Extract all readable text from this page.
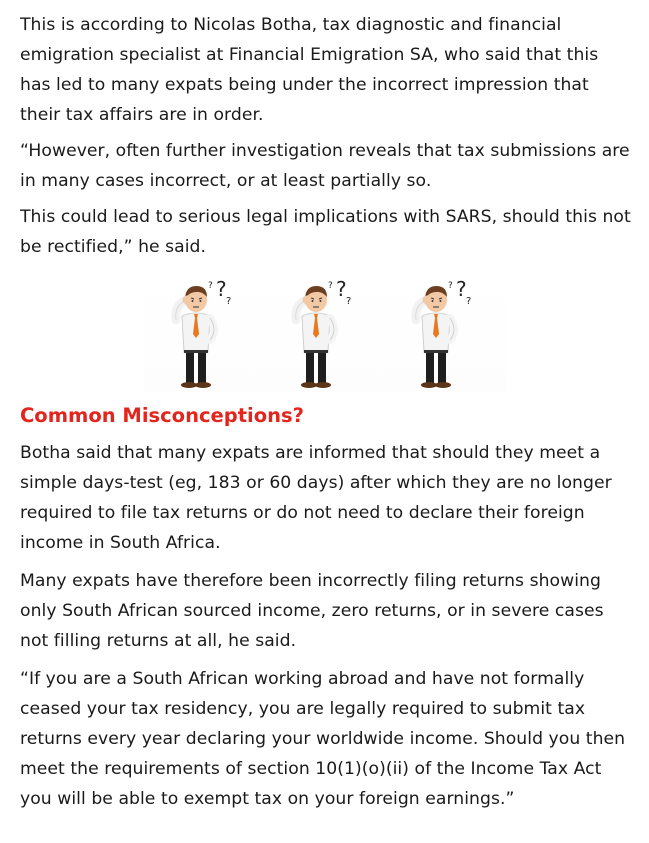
This is according to Nicolas Botha, tax diagnostic and financial emigration specialist at Financial Emigration SA, who said that this has led to many expats being under the incorrect impression that their tax affairs are in order.

“However, often further investigation reveals that tax submissions are in many cases incorrect, or at least partially so.

This could lead to serious legal implications with SARS, should this not be rectified,” he said.

?
?
?
?
?
?
?
?
?
Common Misconceptions?

Botha said that many expats are informed that should they meet a simple days-test (eg, 183 or 60 days) after which they are no longer required to file tax returns or do not need to declare their foreign income in South Africa.

Many expats have therefore been incorrectly filing returns showing only South African sourced income, zero returns, or in severe cases not filling returns at all, he said.

“If you are a South African working abroad and have not formally ceased your tax residency, you are legally required to submit tax returns every year declaring your worldwide income. Should you then meet the requirements of section 10(1)(o)(ii) of the Income Tax Act you will be able to exempt tax on your foreign earnings.”
